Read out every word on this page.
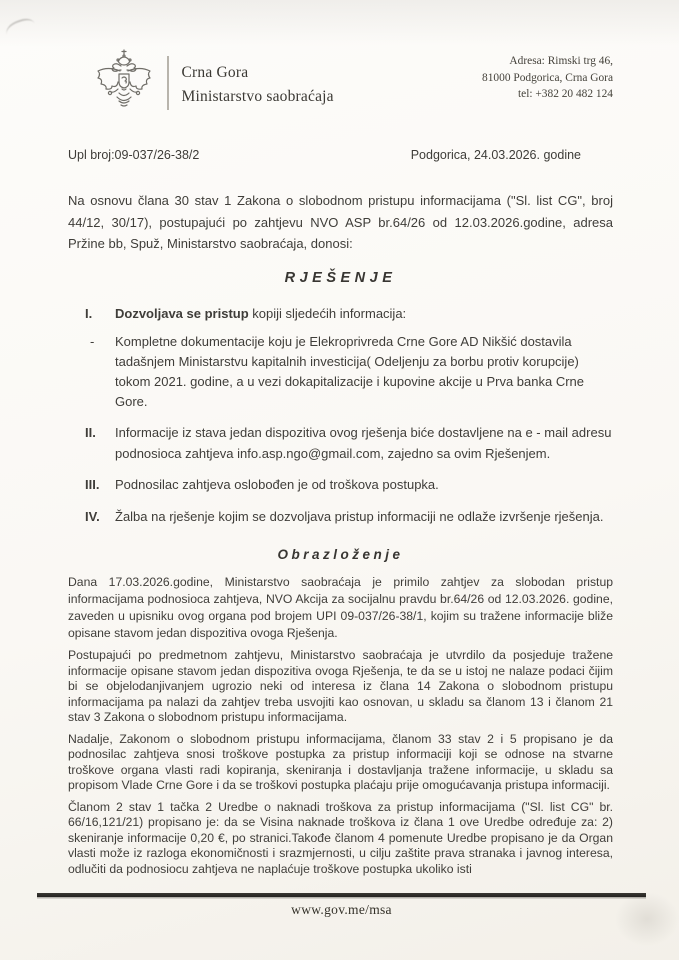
Crna Gora
Ministarstvo saobraćaja
Adresa: Rimski trg 46,
81000 Podgorica, Crna Gora
tel: +382 20 482 124
Upl broj:09-037/26-38/2	Podgorica, 24.03.2026. godine

Na osnovu člana 30 stav 1 Zakona o slobodnom pristupu informacijama ("Sl. list CG", broj 44/12, 30/17), postupajući po zahtjevu NVO ASP br.64/26 od 12.03.2026.godine, adresa Pržine bb, Spuž, Ministarstvo saobraćaja, donosi:

RJEŠENJE
I.	Dozvoljava se pristup kopiji sljedećih informacija:
-	Kompletne dokumentacije koju je Elekroprivreda Crne Gore AD Nikšić dostavila tadašnjem Ministarstvu kapitalnih investicija( Odeljenju za borbu protiv korupcije) tokom 2021. godine, a u vezi dokapitalizacije i kupovine akcije u Prva banka Crne Gore.
II.	Informacije iz stava jedan dispozitiva ovog rješenja biće dostavljene na e - mail adresu podnosioca zahtjeva info.asp.ngo@gmail.com, zajedno sa ovim Rješenjem.
III.	Podnosilac zahtjeva oslobođen je od troškova postupka.
IV.	Žalba na rješenje kojim se dozvoljava pristup informaciji ne odlaže izvršenje rješenja.
Obrazloženje

Dana 17.03.2026.godine, Ministarstvo saobraćaja je primilo zahtjev za slobodan pristup informacijama podnosioca zahtjeva, NVO Akcija za socijalnu pravdu br.64/26 od 12.03.2026. godine, zaveden u upisniku ovog organa pod brojem UPI 09-037/26-38/1, kojim su tražene informacije bliže opisane stavom jedan dispozitiva ovoga Rješenja.

Postupajući po predmetnom zahtjevu, Ministarstvo saobraćaja je utvrdilo da posjeduje tražene informacije opisane stavom jedan dispozitiva ovoga Rješenja, te da se u istoj ne nalaze podaci čijim bi se objelodanjivanjem ugrozio neki od interesa iz člana 14 Zakona o slobodnom pristupu informacijama pa nalazi da zahtjev treba usvojiti kao osnovan, u skladu sa članom 13 i članom 21 stav 3 Zakona o slobodnom pristupu informacijama.

Nadalje, Zakonom o slobodnom pristupu informacijama, članom 33 stav 2 i 5 propisano je da podnosilac zahtjeva snosi troškove postupka za pristup informaciji koji se odnose na stvarne troškove organa vlasti radi kopiranja, skeniranja i dostavljanja tražene informacije, u skladu sa propisom Vlade Crne Gore i da se troškovi postupka plaćaju prije omogućavanja pristupa informaciji.

Članom 2 stav 1 tačka 2 Uredbe o naknadi troškova za pristup informacijama ("Sl. list CG" br. 66/16,121/21) propisano je: da se Visina naknade troškova iz člana 1 ove Uredbe određuje za: 2) skeniranje informacije 0,20 €, po stranici.Takođe članom 4 pomenute Uredbe propisano je da Organ vlasti može iz razloga ekonomičnosti i srazmjernosti, u cilju zaštite prava stranaka i javnog interesa, odlučiti da podnosiocu zahtjeva ne naplaćuje troškove postupka ukoliko isti

www.gov.me/msa
